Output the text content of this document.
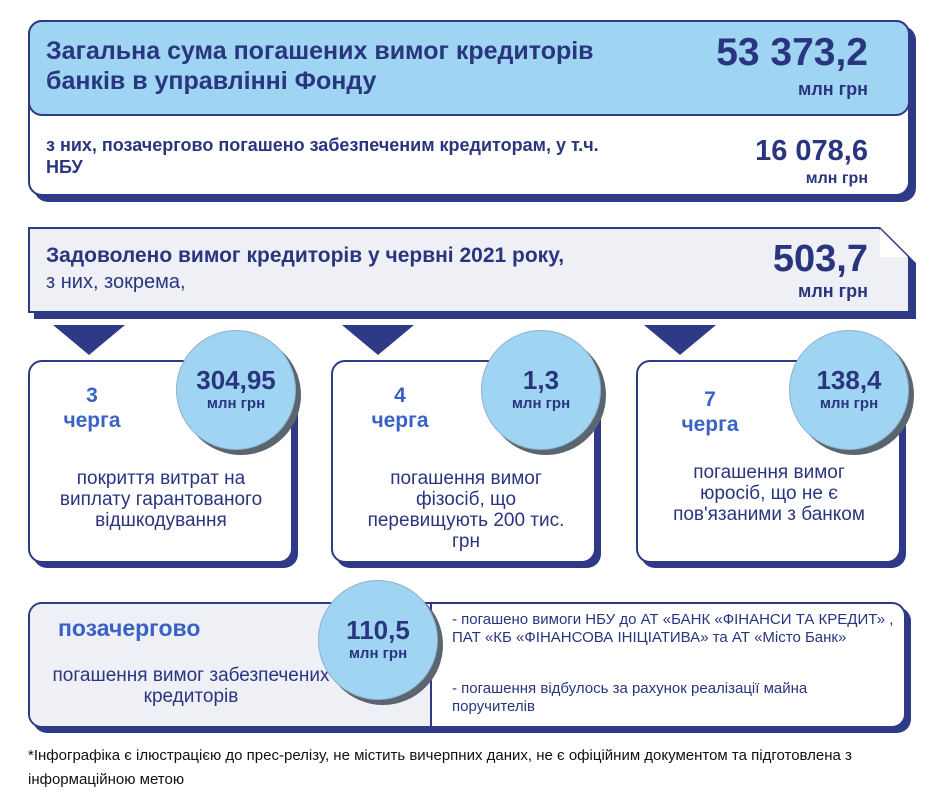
Загальна сума погашених вимог кредиторів банків в управлінні Фонду
53 373,2
млн грн
з них, позачергово погашено забезпеченим кредиторам, у т.ч. НБУ	16 078,6
млн грн
Задоволено вимог кредиторів у червні 2021 року,
з них, зокрема,
503,7
млн грн
3
черга
304,95
млн грн
покриття витрат на виплату гарантованого відшкодування
4
черга
1,3
млн грн
погашення вимог фізосіб, що перевищують 200 тис. грн
7
черга
138,4
млн грн
погашення вимог юросіб, що не є пов'язаними з банком
позачергово
погашення вимог забезпечених кредиторів
110,5
млн грн
- погашено вимоги НБУ до АТ «БАНК «ФІНАНСИ ТА КРЕДИТ» , ПАТ «КБ «ФІНАНСОВА ІНІЦІАТИВА» та АТ «Місто Банк»
- погашення відбулось за рахунок реалізації майна поручителів
*Інфографіка є ілюстрацією до прес-релізу, не містить вичерпних даних, не є офіційним документом та підготовлена з інформаційною метою
